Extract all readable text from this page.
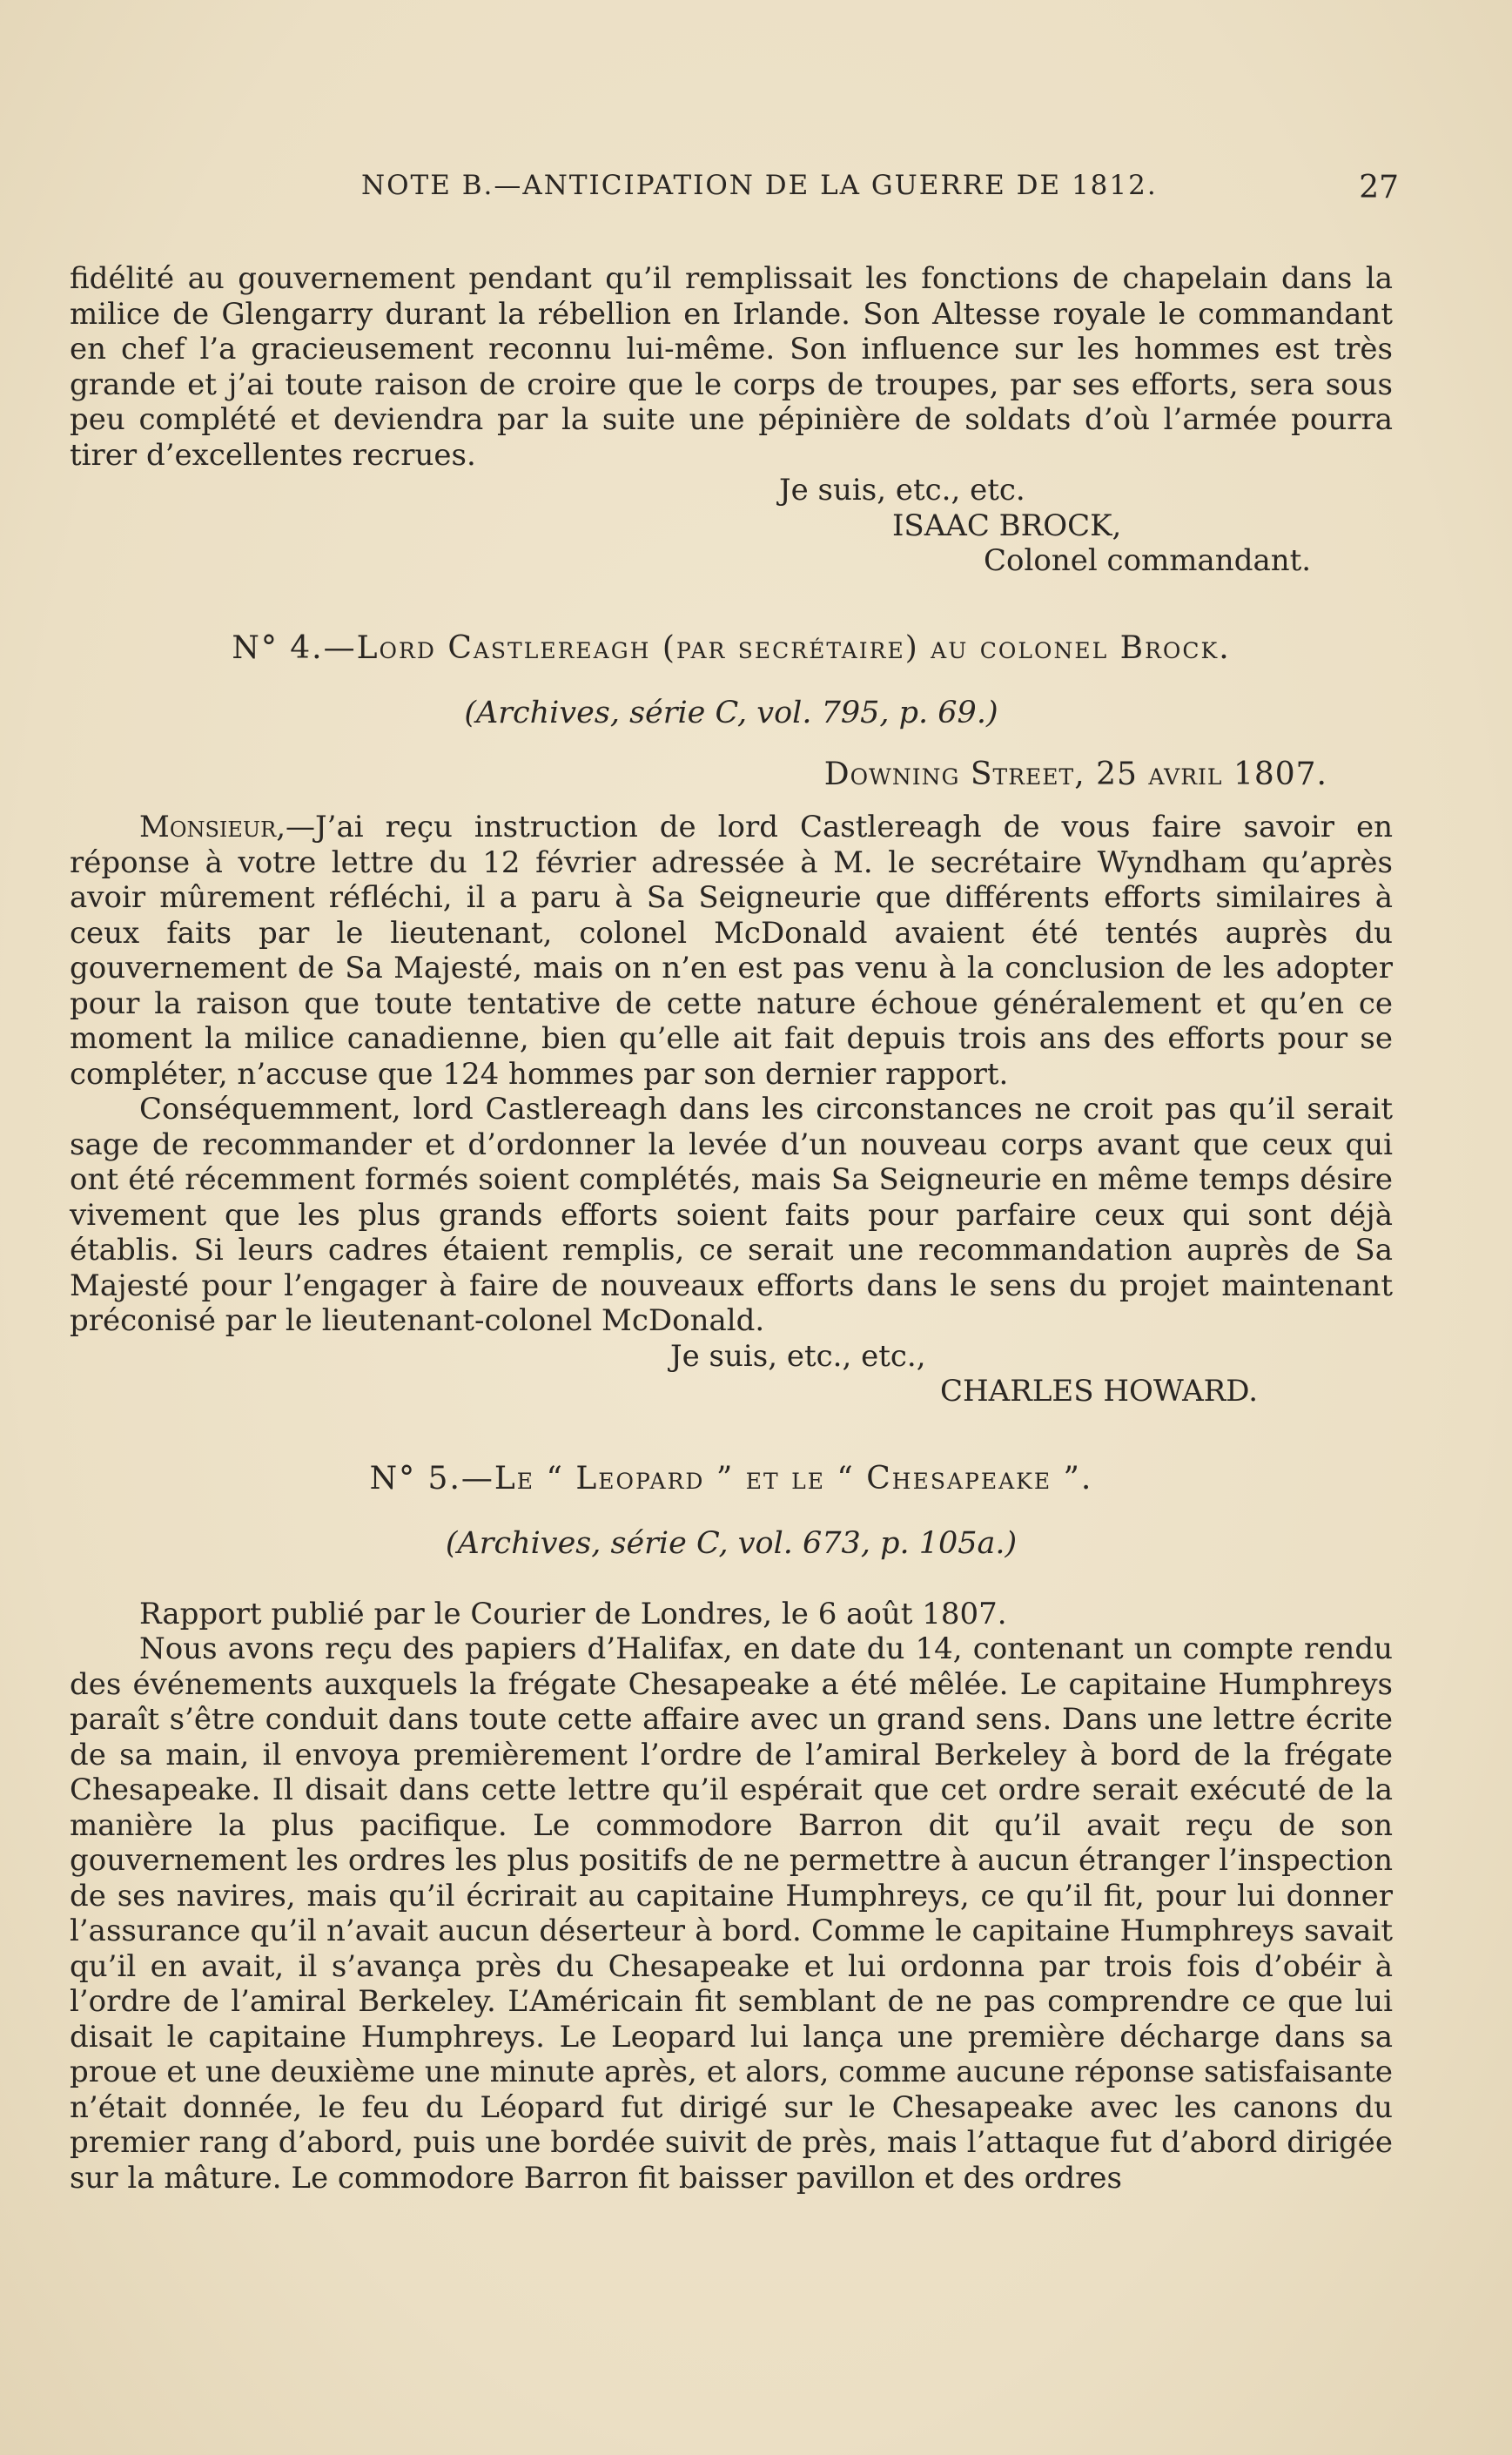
NOTE B.—ANTICIPATION DE LA GUERRE DE 1812.	27

fidélité au gouvernement pendant qu’il remplissait les fonctions de chapelain dans la milice de Glengarry durant la rébellion en Irlande. Son Altesse royale le commandant en chef l’a gracieusement reconnu lui-même. Son influence sur les hommes est très grande et j’ai toute raison de croire que le corps de troupes, par ses efforts, sera sous peu complété et deviendra par la suite une pépinière de soldats d’où l’armée pourra tirer d’excellentes recrues.

Je suis, etc., etc.
ISAAC BROCK,
Colonel commandant.
N° 4.—Lord Castlereagh (par secrétaire) au colonel Brock.
(Archives, série C, vol. 795, p. 69.)
Downing Street, 25 avril 1807.

Monsieur,—J’ai reçu instruction de lord Castlereagh de vous faire savoir en réponse à votre lettre du 12 février adressée à M. le secrétaire Wyndham qu’après avoir mûrement réfléchi, il a paru à Sa Seigneurie que différents efforts similaires à ceux faits par le lieutenant, colonel McDonald avaient été tentés auprès du gouvernement de Sa Majesté, mais on n’en est pas venu à la conclusion de les adopter pour la raison que toute tentative de cette nature échoue généralement et qu’en ce moment la milice canadienne, bien qu’elle ait fait depuis trois ans des efforts pour se compléter, n’accuse que 124 hommes par son dernier rapport.

Conséquemment, lord Castlereagh dans les circonstances ne croit pas qu’il serait sage de recommander et d’ordonner la levée d’un nouveau corps avant que ceux qui ont été récemment formés soient complétés, mais Sa Seigneurie en même temps désire vivement que les plus grands efforts soient faits pour parfaire ceux qui sont déjà établis. Si leurs cadres étaient remplis, ce serait une recommandation auprès de Sa Majesté pour l’engager à faire de nouveaux efforts dans le sens du projet maintenant préconisé par le lieutenant-colonel McDonald.

Je suis, etc., etc.,
CHARLES HOWARD.
N° 5.—Le “ Leopard ” et le “ Chesapeake ”.
(Archives, série C, vol. 673, p. 105a.)

Rapport publié par le Courier de Londres, le 6 août 1807.

Nous avons reçu des papiers d’Halifax, en date du 14, contenant un compte rendu des événements auxquels la frégate Chesapeake a été mêlée. Le capitaine Humphreys paraît s’être conduit dans toute cette affaire avec un grand sens. Dans une lettre écrite de sa main, il envoya premièrement l’ordre de l’amiral Berkeley à bord de la frégate Chesapeake. Il disait dans cette lettre qu’il espérait que cet ordre serait exécuté de la manière la plus pacifique. Le commodore Barron dit qu’il avait reçu de son gouvernement les ordres les plus positifs de ne permettre à aucun étranger l’inspection de ses navires, mais qu’il écrirait au capitaine Humphreys, ce qu’il fit, pour lui donner l’assurance qu’il n’avait aucun déserteur à bord. Comme le capitaine Humphreys savait qu’il en avait, il s’avança près du Chesapeake et lui ordonna par trois fois d’obéir à l’ordre de l’amiral Berkeley. L’Américain fit semblant de ne pas comprendre ce que lui disait le capitaine Humphreys. Le Leopard lui lança une première décharge dans sa proue et une deuxième une minute après, et alors, comme aucune réponse satisfaisante n’était donnée, le feu du Léopard fut dirigé sur le Chesapeake avec les canons du premier rang d’abord, puis une bordée suivit de près, mais l’attaque fut d’abord dirigée sur la mâture. Le commodore Barron fit baisser pavillon et des ordres
